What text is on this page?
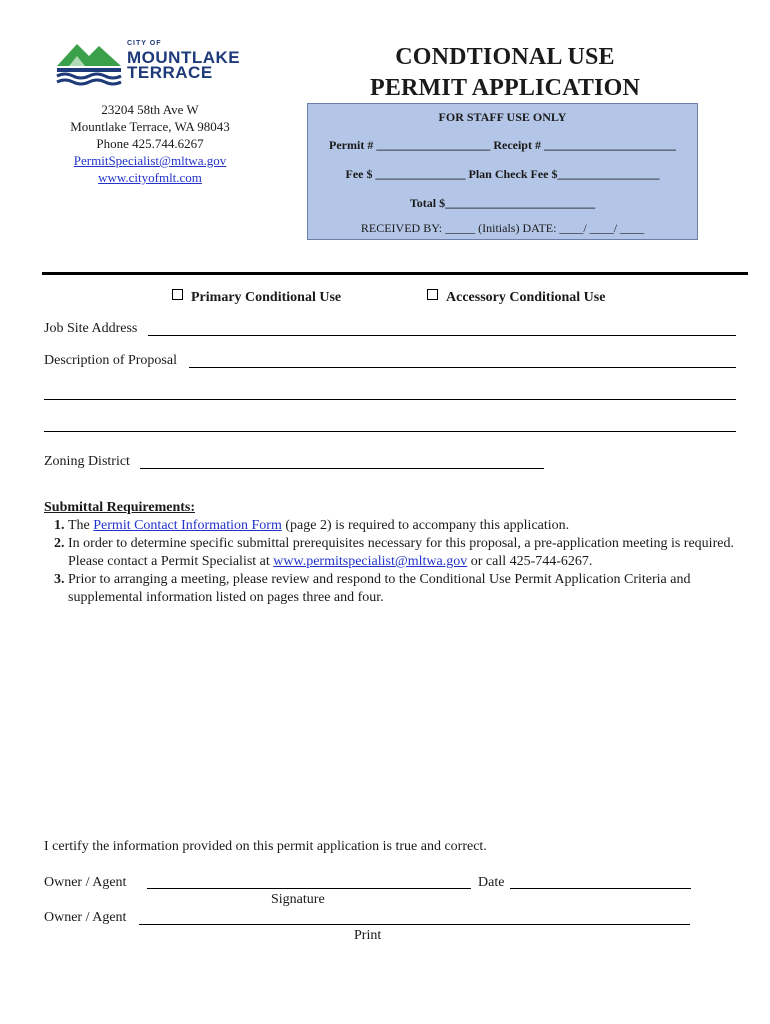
CITY OF
MOUNTLAKE
TERRACE
23204 58th Ave W
Mountlake Terrace, WA 98043
Phone 425.744.6267
PermitSpecialist@mltwa.gov
www.cityofmlt.com
CONDTIONAL USE
PERMIT APPLICATION
FOR STAFF USE ONLY
Permit # ___________________ Receipt # ______________________
Fee $ _______________ Plan Check Fee $_________________
Total $_________________________
RECEIVED BY: _____ (Initials) DATE: ____/ ____/ ____
Primary Conditional Use	Accessory Conditional Use
Job Site Address
Description of Proposal
Zoning District
Submittal Requirements:
1. The Permit Contact Information Form (page 2) is required to accompany this application.
2. In order to determine specific submittal prerequisites necessary for this proposal, a pre-application meeting is required. Please contact a Permit Specialist at www.permitspecialist@mltwa.gov or call 425-744-6267.
3. Prior to arranging a meeting, please review and respond to the Conditional Use Permit Application Criteria and supplemental information listed on pages three and four.
I certify the information provided on this permit application is true and correct.
Owner / Agent	Date
Signature
Owner / Agent
Print
